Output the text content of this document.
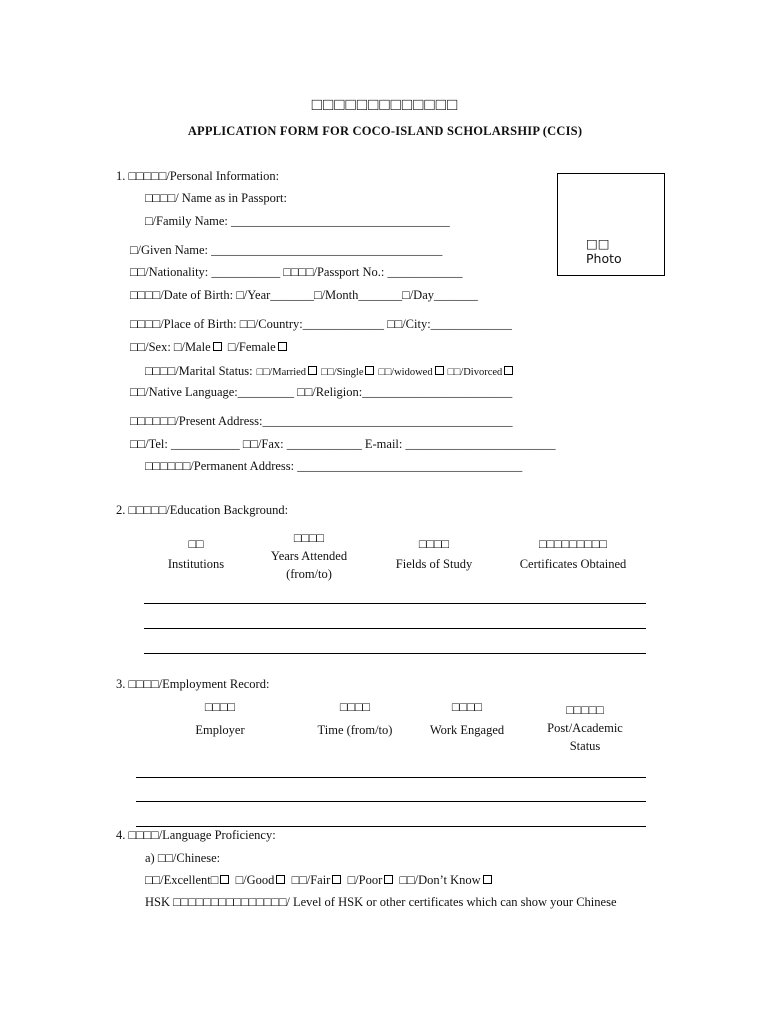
□□□□□□□□□□□□□
APPLICATION FORM FOR COCO-ISLAND SCHOLARSHIP (CCIS)
□□
Photo
1. □□□□□/Personal Information:
□□□□/ Name as in Passport:
□/Family Name: ___________________________________
□/Given Name: _____________________________________
□□/Nationality: ___________ □□□□/Passport No.: ____________
□□□□/Date of Birth: □/Year_______□/Month_______□/Day_______
□□□□/Place of Birth: □□/Country:_____________ □□/City:_____________
□□/Sex: □/Male □/Female
□□□□/Marital Status: □□/Married □□/Single □□/widowed □□/Divorced
□□/Native Language:_________ □□/Religion:________________________
□□□□□□/Present Address:________________________________________
□□/Tel: ___________ □□/Fax: ____________ E-mail: ________________________
□□□□□□/Permanent Address: ____________________________________
2. □□□□□/Education Background:
□□
Institutions
□□□□
Years Attended (from/to)
□□□□
Fields of Study
□□□□□□□□□
Certificates Obtained
3. □□□□/Employment Record:
□□□□
Employer
□□□□
Time (from/to)
□□□□
Work Engaged
□□□□□
Post/Academic Status
4. □□□□/Language Proficiency:
a) □□/Chinese:
□□/Excellent□ □/Good □□/Fair □/Poor □□/Don’t Know
HSK □□□□□□□□□□□□□□□/ Level of HSK or other certificates which can show your Chinese
